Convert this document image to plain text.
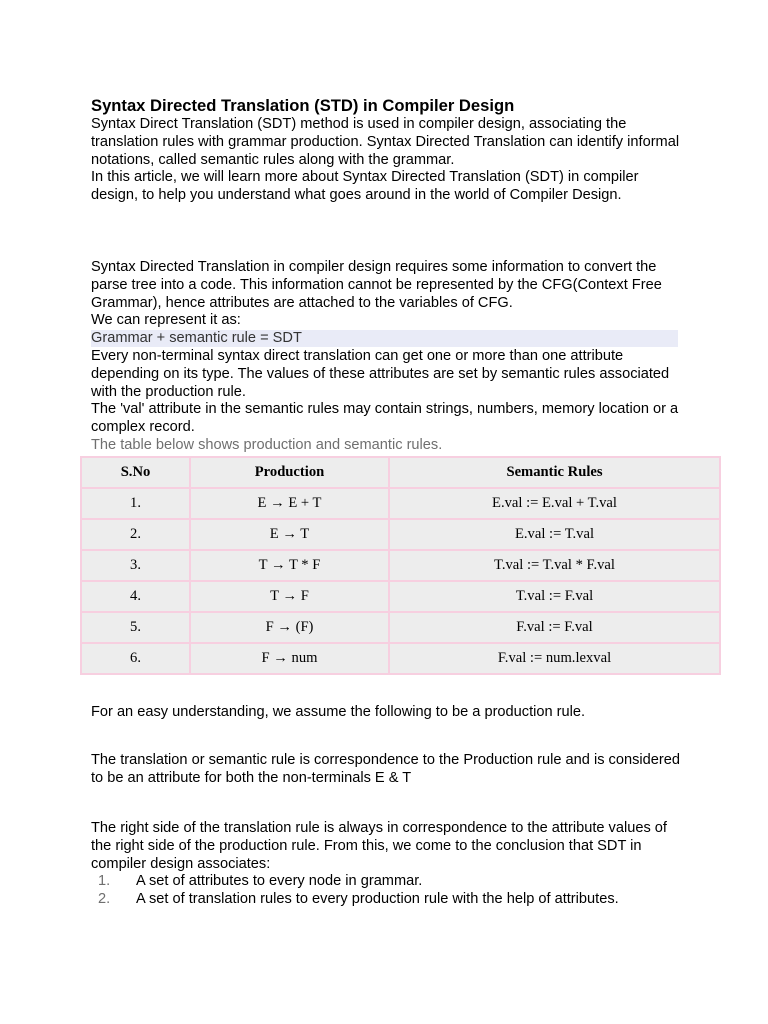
Syntax Directed Translation (STD) in Compiler Design

Syntax Direct Translation (SDT) method is used in compiler design, associating the translation rules with grammar production. Syntax Directed Translation can identify informal notations, called semantic rules along with the grammar.

In this article, we will learn more about Syntax Directed Translation (SDT) in compiler design, to help you understand what goes around in the world of Compiler Design.

Syntax Directed Translation in compiler design requires some information to convert the parse tree into a code. This information cannot be represented by the CFG(Context Free Grammar), hence attributes are attached to the variables of CFG.

We can represent it as:

Grammar + semantic rule = SDT

Every non-terminal syntax direct translation can get one or more than one attribute depending on its type. The values of these attributes are set by semantic rules associated with the production rule.

The 'val' attribute in the semantic rules may contain strings, numbers, memory location or a complex record.

The table below shows production and semantic rules.

S.No	Production	Semantic Rules
1.	E → E + T	E.val := E.val + T.val
2.	E → T	E.val := T.val
3.	T → T * F	T.val := T.val * F.val
4.	T → F	T.val := F.val
5.	F → (F)	F.val := F.val
6.	F → num	F.val := num.lexval

For an easy understanding, we assume the following to be a production rule.

The translation or semantic rule is correspondence to the Production rule and is considered to be an attribute for both the non-terminals E & T

The right side of the translation rule is always in correspondence to the attribute values of the right side of the production rule. From this, we come to the conclusion that SDT in compiler design associates:

1. A set of attributes to every node in grammar.
2. A set of translation rules to every production rule with the help of attributes.
